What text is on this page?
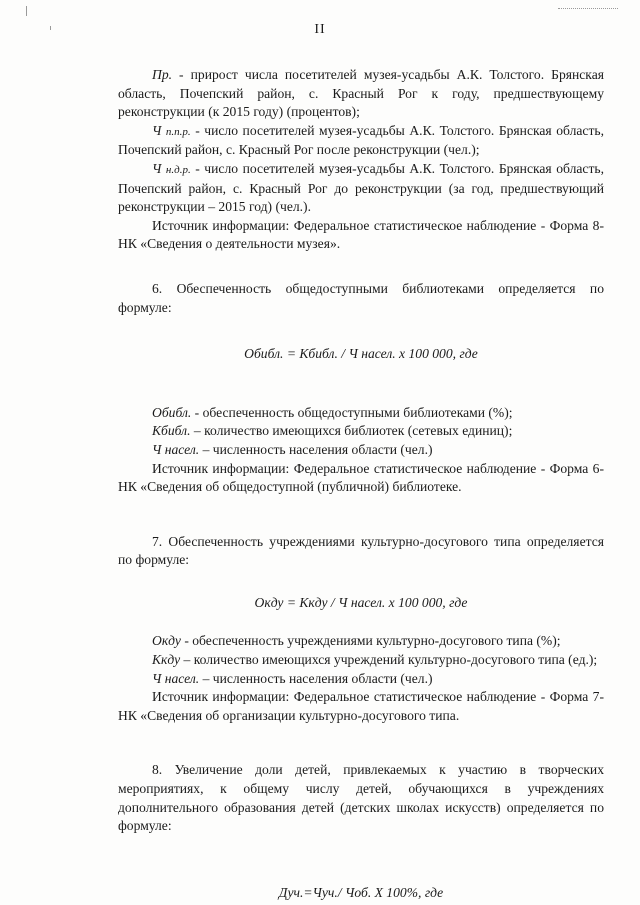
II

Пр. - прирост числа посетителей музея-усадьбы А.К. Толстого. Брянская область, Почепский район, с. Красный Рог к году, предшествующему реконструкции (к 2015 году) (процентов);

Ч п.п.р. - число посетителей музея-усадьбы А.К. Толстого. Брянская область, Почепский район, с. Красный Рог после реконструкции (чел.);

Ч н.д.р. - число посетителей музея-усадьбы А.К. Толстого. Брянская область, Почепский район, с. Красный Рог до реконструкции (за год, предшествующий реконструкции – 2015 год) (чел.).

Источник информации: Федеральное статистическое наблюдение - Форма 8-НК «Сведения о деятельности музея».

6. Обеспеченность общедоступными библиотеками определяется по формуле:

Обибл. = Кбибл. / Ч насел. х 100 000, где

Обибл. - обеспеченность общедоступными библиотеками (%);

Кбибл. – количество имеющихся библиотек (сетевых единиц);

Ч насел. – численность населения области (чел.)

Источник информации: Федеральное статистическое наблюдение - Форма 6-НК «Сведения об общедоступной (публичной) библиотеке.

7. Обеспеченность учреждениями культурно-досугового типа определяется по формуле:

Окду = Ккду / Ч насел. х 100 000, где

Окду - обеспеченность учреждениями культурно-досугового типа (%);

Ккду – количество имеющихся учреждений культурно-досугового типа (ед.);

Ч насел. – численность населения области (чел.)

Источник информации: Федеральное статистическое наблюдение - Форма 7-НК «Сведения об организации культурно-досугового типа.

8. Увеличение доли детей, привлекаемых к участию в творческих мероприятиях, к общему числу детей, обучающихся в учреждениях дополнительного образования детей (детских школах искусств) определяется по формуле:

Дуч.=Чуч./ Чоб. Х 100%, где
